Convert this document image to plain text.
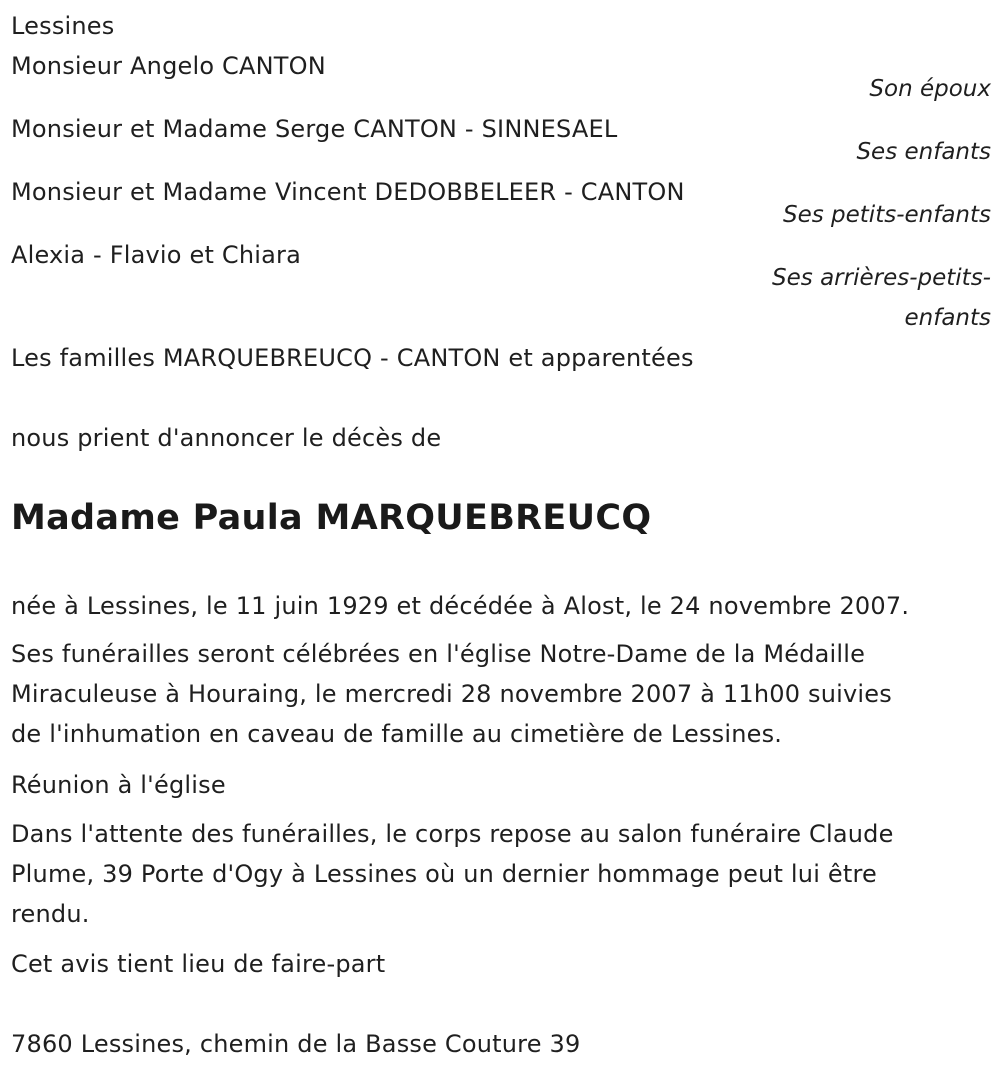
Lessines
Monsieur Angelo CANTON
Son époux
Monsieur et Madame Serge CANTON - SINNESAEL
Ses enfants
Monsieur et Madame Vincent DEDOBBELEER - CANTON
Ses petits-enfants
Alexia - Flavio et Chiara
Ses arrières-petits-
enfants
Les familles MARQUEBREUCQ - CANTON et apparentées
nous prient d'annoncer le décès de
Madame Paula MARQUEBREUCQ
née à Lessines, le 11 juin 1929 et décédée à Alost, le 24 novembre 2007.
Ses funérailles seront célébrées en l'église Notre-Dame de la Médaille
Miraculeuse à Houraing, le mercredi 28 novembre 2007 à 11h00 suivies
de l'inhumation en caveau de famille au cimetière de Lessines.
Réunion à l'église
Dans l'attente des funérailles, le corps repose au salon funéraire Claude
Plume, 39 Porte d'Ogy à Lessines où un dernier hommage peut lui être
rendu.
Cet avis tient lieu de faire-part
7860 Lessines, chemin de la Basse Couture 39
